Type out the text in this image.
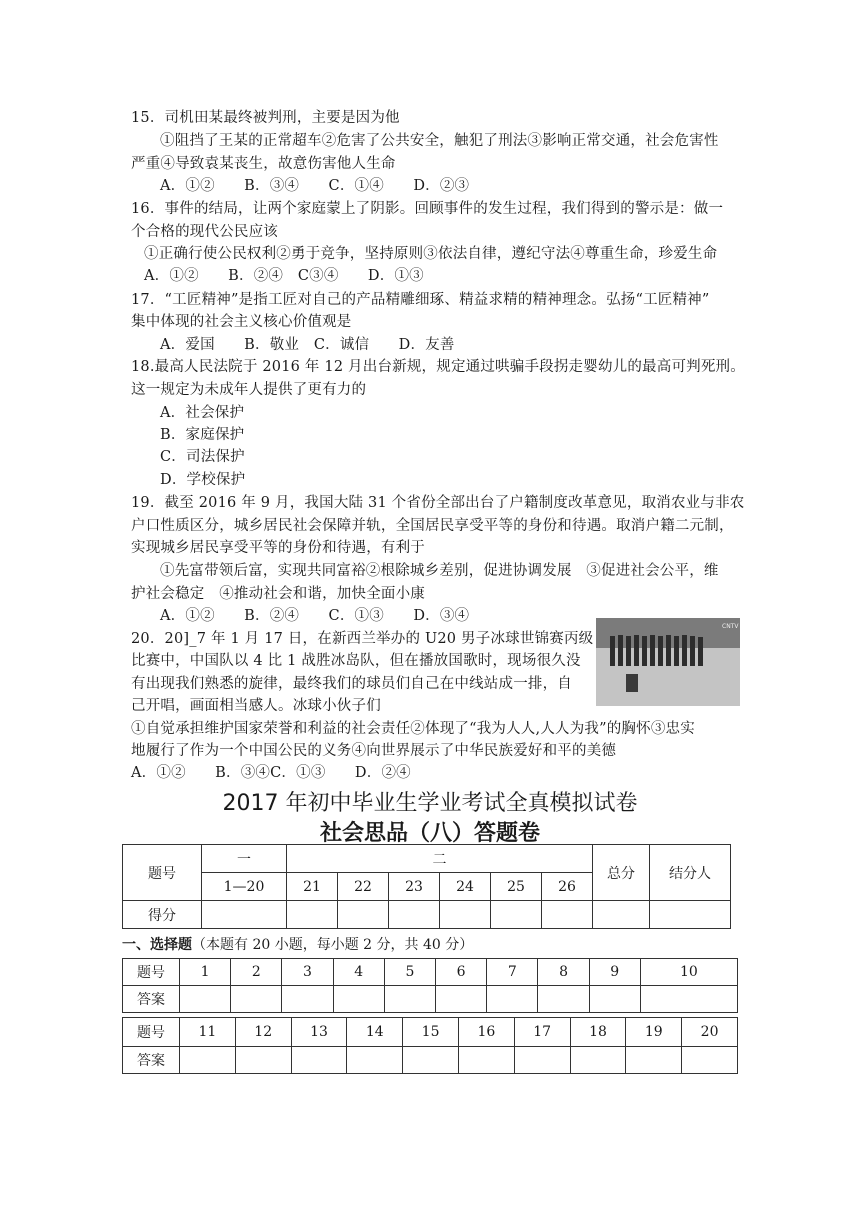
15．司机田某最终被判刑，主要是因为他
①阻挡了王某的正常超车②危害了公共安全，触犯了刑法③影响正常交通，社会危害性
严重④导致袁某丧生，故意伤害他人生命
A．①②　　B．③④　　C．①④　　D．②③
16．事件的结局，让两个家庭蒙上了阴影。回顾事件的发生过程，我们得到的警示是：做一
个合格的现代公民应该
①正确行使公民权利②勇于竞争，坚持原则③依法自律，遵纪守法④尊重生命，珍爱生命
A．①②　　B．②④　C③④　　D．①③
17．“工匠精神”是指工匠对自己的产品精雕细琢、精益求精的精神理念。弘扬“工匠精神”
集中体现的社会主义核心价值观是
A．爱国　　B．敬业　C．诚信　　D．友善
18.最高人民法院于 2016 年 12 月出台新规，规定通过哄骗手段拐走婴幼儿的最高可判死刑。
这一规定为未成年人提供了更有力的
A．社会保护
B．家庭保护
C．司法保护
D．学校保护
19．截至 2016 年 9 月，我国大陆 31 个省份全部出台了户籍制度改革意见，取消农业与非农
户口性质区分，城乡居民社会保障并轨，全国居民享受平等的身份和待遇。取消户籍二元制，
实现城乡居民享受平等的身份和待遇，有利于
①先富带领后富，实现共同富裕②根除城乡差别，促进协调发展　③促进社会公平，维
护社会稳定　④推动社会和谐，加快全面小康
A．①②　　B．②④　　C．①③　　D．③④
20．20]_7 年 1 月 17 日，在新西兰举办的 U20 男子冰球世锦赛丙级
比赛中，中国队以 4 比 1 战胜冰岛队，但在播放国歌时，现场很久没
有出现我们熟悉的旋律，最终我们的球员们自己在中线站成一排，自
己开唱，画面相当感人。冰球小伙子们
①自觉承担维护国家荣誉和利益的社会责任②体现了“我为人人,人人为我”的胸怀③忠实
地履行了作为一个中国公民的义务④向世界展示了中华民族爱好和平的美德
A．①②　　B．③④C．①③　　D．②④
CNTV
2017 年初中毕业生学业考试全真模拟试卷
社会思品（八）答题卷
题号	一	二						总分	结分人
	1—20	21	22	23	24	25	26		
得分									
一、选择题（本题有 20 小题，每小题 2 分，共 40 分）
题号	1	2	3	4	5	6	7	8	9	10
答案										
题号	11	12	13	14	15	16	17	18	19	20
答案										
